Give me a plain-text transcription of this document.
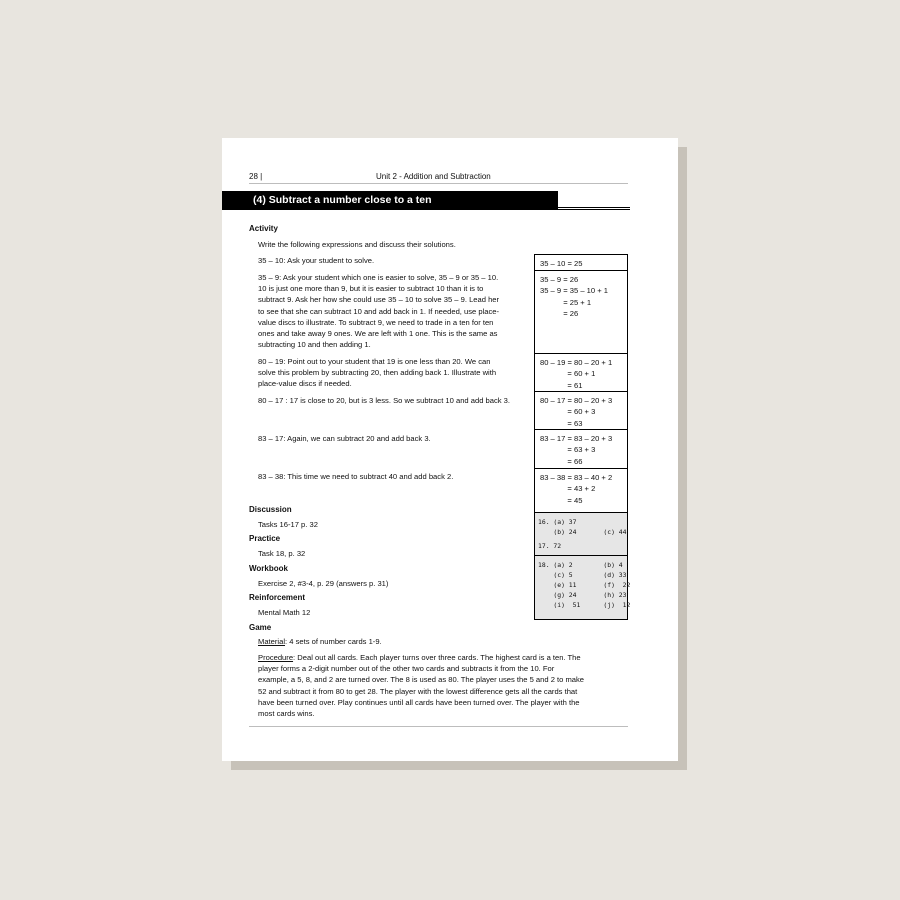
28 |	Unit 2 - Addition and Subtraction
(4) Subtract a number close to a ten
Activity
Write the following expressions and discuss their solutions.
35 – 10: Ask your student to solve.
35 – 9: Ask your student which one is easier to solve, 35 – 9 or 35 – 10.
10 is just one more than 9, but it is easier to subtract 10 than it is to
subtract 9. Ask her how she could use 35 – 10 to solve 35 – 9. Lead her
to see that she can subtract 10 and add back in 1. If needed, use place-
value discs to illustrate. To subtract 9, we need to trade in a ten for ten
ones and take away 9 ones. We are left with 1 one. This is the same as
subtracting 10 and then adding 1.
80 – 19: Point out to your student that 19 is one less than 20. We can
solve this problem by subtracting 20, then adding back 1. Illustrate with
place-value discs if needed.
80 – 17 : 17 is close to 20, but is 3 less. So we subtract 10 and add back 3.
83 – 17: Again, we can subtract 20 and add back 3.
83 – 38: This time we need to subtract 40 and add back 2.
35 – 10 = 25
35 – 9 = 26
35 – 9 = 35 – 10 + 1
= 25 + 1
= 26
80 – 19 = 80 – 20 + 1
= 60 + 1
= 61
80 – 17 = 80 – 20 + 3
= 60 + 3
= 63
83 – 17 = 83 – 20 + 3
= 63 + 3
= 66
83 – 38 = 83 – 40 + 2
= 43 + 2
= 45
16. (a) 37
(b) 24       (c) 44
17. 72
18. (a) 2        (b) 4
(c) 5        (d) 33
(e) 11       (f)  22
(g) 24       (h) 23
(i)  51      (j)  12
Discussion
Tasks 16-17 p. 32
Practice
Task 18, p. 32
Workbook
Exercise 2, #3-4, p. 29 (answers p. 31)
Reinforcement
Mental Math 12
Game
Material: 4 sets of number cards 1-9.
Procedure: Deal out all cards. Each player turns over three cards. The highest card is a ten. The
player forms a 2-digit number out of the other two cards and subtracts it from the 10. For
example, a 5, 8, and 2 are turned over. The 8 is used as 80. The player uses the 5 and 2 to make
52 and subtract it from 80 to get 28. The player with the lowest difference gets all the cards that
have been turned over. Play continues until all cards have been turned over. The player with the
most cards wins.
